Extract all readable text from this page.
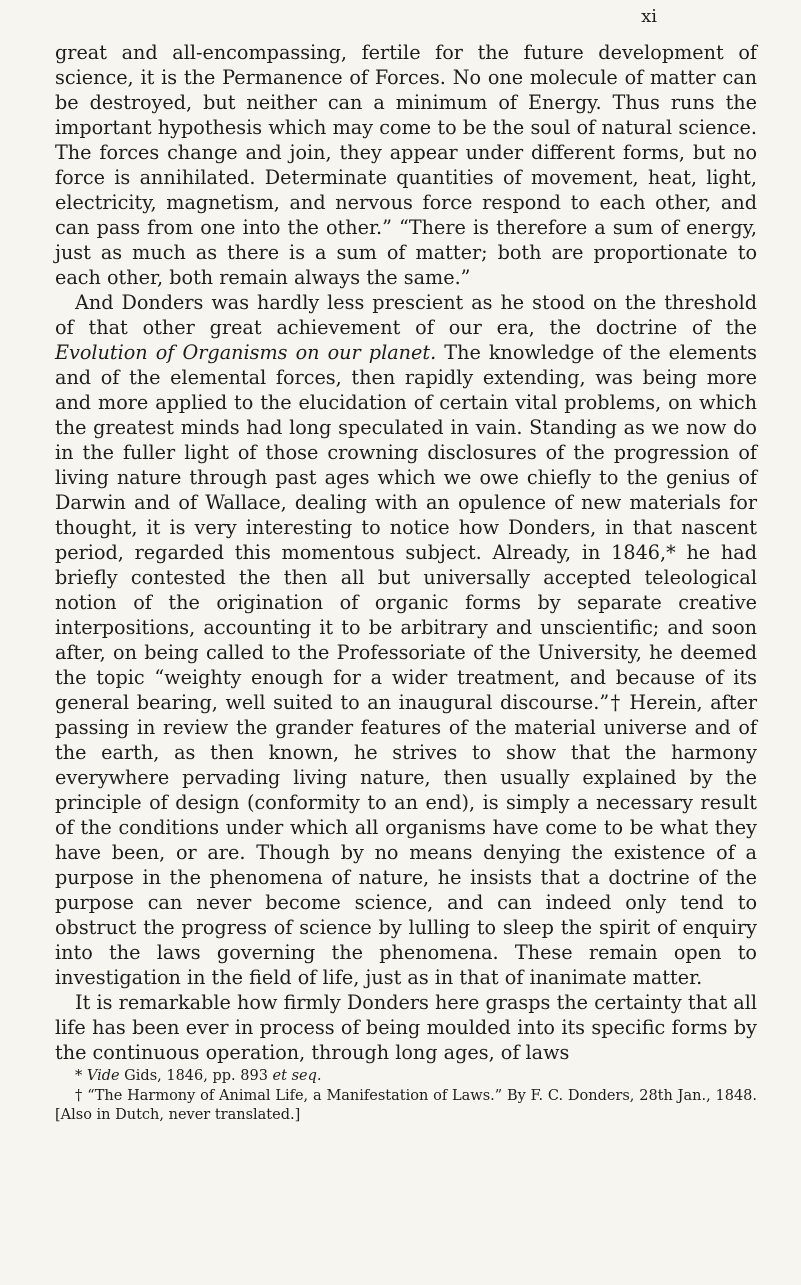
xi

great and all-encompassing, fertile for the future development of science, it is the Permanence of Forces. No one molecule of matter can be destroyed, but neither can a minimum of Energy. Thus runs the important hypothesis which may come to be the soul of natural science. The forces change and join, they appear under different forms, but no force is annihilated. Determinate quantities of movement, heat, light, electricity, magnetism, and nervous force respond to each other, and can pass from one into the other.” “There is therefore a sum of energy, just as much as there is a sum of matter; both are proportionate to each other, both remain always the same.”

And Donders was hardly less prescient as he stood on the threshold of that other great achievement of our era, the doctrine of the Evolution of Organisms on our planet. The knowledge of the elements and of the elemental forces, then rapidly extending, was being more and more applied to the elucidation of certain vital problems, on which the greatest minds had long speculated in vain. Standing as we now do in the fuller light of those crowning disclosures of the progression of living nature through past ages which we owe chiefly to the genius of Darwin and of Wallace, dealing with an opulence of new materials for thought, it is very interesting to notice how Donders, in that nascent period, regarded this momentous subject. Already, in 1846,* he had briefly contested the then all but universally accepted teleological notion of the origination of organic forms by separate creative interpositions, accounting it to be arbitrary and unscientific; and soon after, on being called to the Professoriate of the University, he deemed the topic “weighty enough for a wider treatment, and because of its general bearing, well suited to an inaugural discourse.”† Herein, after passing in review the grander features of the material universe and of the earth, as then known, he strives to show that the harmony everywhere pervading living nature, then usually explained by the principle of design (conformity to an end), is simply a necessary result of the conditions under which all organisms have come to be what they have been, or are. Though by no means denying the existence of a purpose in the phenomena of nature, he insists that a doctrine of the purpose can never become science, and can indeed only tend to obstruct the progress of science by lulling to sleep the spirit of enquiry into the laws governing the phenomena. These remain open to investigation in the field of life, just as in that of inanimate matter.

It is remarkable how firmly Donders here grasps the certainty that all life has been ever in process of being moulded into its specific forms by the continuous operation, through long ages, of laws

* Vide Gids, 1846, pp. 893 et seq.

† “The Harmony of Animal Life, a Manifestation of Laws.” By F. C. Donders, 28th Jan., 1848. [Also in Dutch, never translated.]
